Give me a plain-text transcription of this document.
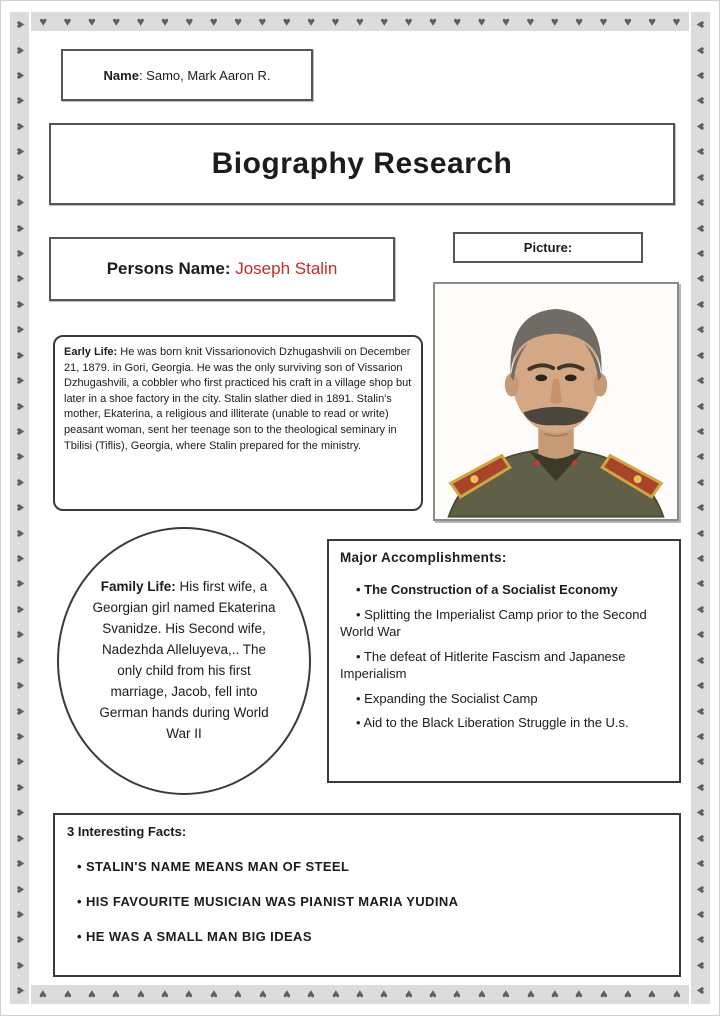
♥ ♥ ♥ ♥ ♥ ♥ ♥ ♥ ♥ ♥ ♥ ♥ ♥ ♥ ♥ ♥ ♥ ♥ ♥ ♥ ♥ ♥ ♥ ♥ ♥ ♥ ♥
♥ ♥ ♥ ♥ ♥ ♥ ♥ ♥ ♥ ♥ ♥ ♥ ♥ ♥ ♥ ♥ ♥ ♥ ♥ ♥ ♥ ♥ ♥ ♥ ♥ ♥ ♥
♥
♥
♥
♥
♥
♥
♥
♥
♥
♥
♥
♥
♥
♥
♥
♥
♥
♥
♥
♥
♥
♥
♥
♥
♥
♥
♥
♥
♥
♥
♥
♥
♥
♥
♥
♥
♥
♥
♥
♥
♥
♥
♥
♥
♥
♥
♥
♥
♥
♥
♥
♥
♥
♥
♥
♥
♥
♥
♥
♥
♥
♥
♥
♥
♥
♥
♥
♥
♥
♥
♥
♥
♥
♥
♥
♥
♥
♥
Name : Samo, Mark Aaron R.
Biography Research
Persons Name:
Joseph Stalin
Picture:
Early Life: He was born knit Vissarionovich Dzhugashvili on December 21, 1879. in Gori, Georgia. He was the only surviving son of Vissarion Dzhugashvili, a cobbler who first practiced his craft in a village shop but later in a shoe factory in the city. Stalin slather died in 1891. Stalin's mother, Ekaterina, a religious and illiterate (unable to read or write) peasant woman, sent her teenage son to the theological seminary in Tbilisi (Tiflis), Georgia, where Stalin prepared for the ministry.
Family Life: His first wife, a Georgian girl named Ekaterina Svanidze. His Second wife, Nadezhda Alleluyeva,.. The only child from his first marriage, Jacob, fell into German hands during World War II
Major Accomplishments:
• The Construction of a Socialist Economy
• Splitting the Imperialist Camp prior to the Second World War
• The defeat of Hitlerite Fascism and Japanese Imperialism
• Expanding the Socialist Camp
• Aid to the Black Liberation Struggle in the U.s.
3 Interesting Facts:
• STALIN'S NAME MEANS MAN OF STEEL
• HIS FAVOURITE MUSICIAN WAS PIANIST MARIA YUDINA
• HE WAS A SMALL MAN BIG IDEAS
